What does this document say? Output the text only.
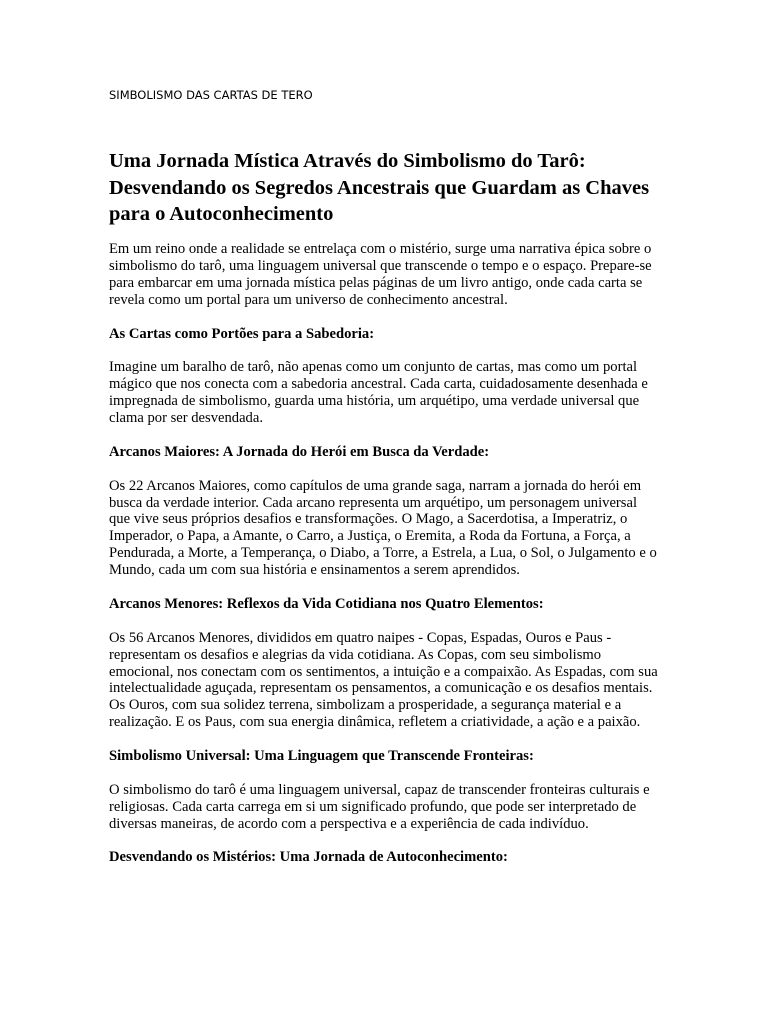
SIMBOLISMO DAS CARTAS DE TERO
Uma Jornada Mística Através do Simbolismo do Tarô: Desvendando os Segredos Ancestrais que Guardam as Chaves para o Autoconhecimento

Em um reino onde a realidade se entrelaça com o mistério, surge uma narrativa épica sobre o simbolismo do tarô, uma linguagem universal que transcende o tempo e o espaço. Prepare-se para embarcar em uma jornada mística pelas páginas de um livro antigo, onde cada carta se revela como um portal para um universo de conhecimento ancestral.

As Cartas como Portões para a Sabedoria:

Imagine um baralho de tarô, não apenas como um conjunto de cartas, mas como um portal mágico que nos conecta com a sabedoria ancestral. Cada carta, cuidadosamente desenhada e impregnada de simbolismo, guarda uma história, um arquétipo, uma verdade universal que clama por ser desvendada.

Arcanos Maiores: A Jornada do Herói em Busca da Verdade:

Os 22 Arcanos Maiores, como capítulos de uma grande saga, narram a jornada do herói em busca da verdade interior. Cada arcano representa um arquétipo, um personagem universal que vive seus próprios desafios e transformações. O Mago, a Sacerdotisa, a Imperatriz, o Imperador, o Papa, a Amante, o Carro, a Justiça, o Eremita, a Roda da Fortuna, a Força, a Pendurada, a Morte, a Temperança, o Diabo, a Torre, a Estrela, a Lua, o Sol, o Julgamento e o Mundo, cada um com sua história e ensinamentos a serem aprendidos.

Arcanos Menores: Reflexos da Vida Cotidiana nos Quatro Elementos:

Os 56 Arcanos Menores, divididos em quatro naipes - Copas, Espadas, Ouros e Paus - representam os desafios e alegrias da vida cotidiana. As Copas, com seu simbolismo emocional, nos conectam com os sentimentos, a intuição e a compaixão. As Espadas, com sua intelectualidade aguçada, representam os pensamentos, a comunicação e os desafios mentais. Os Ouros, com sua solidez terrena, simbolizam a prosperidade, a segurança material e a realização. E os Paus, com sua energia dinâmica, refletem a criatividade, a ação e a paixão.

Simbolismo Universal: Uma Linguagem que Transcende Fronteiras:

O simbolismo do tarô é uma linguagem universal, capaz de transcender fronteiras culturais e religiosas. Cada carta carrega em si um significado profundo, que pode ser interpretado de diversas maneiras, de acordo com a perspectiva e a experiência de cada indivíduo.

Desvendando os Mistérios: Uma Jornada de Autoconhecimento:
